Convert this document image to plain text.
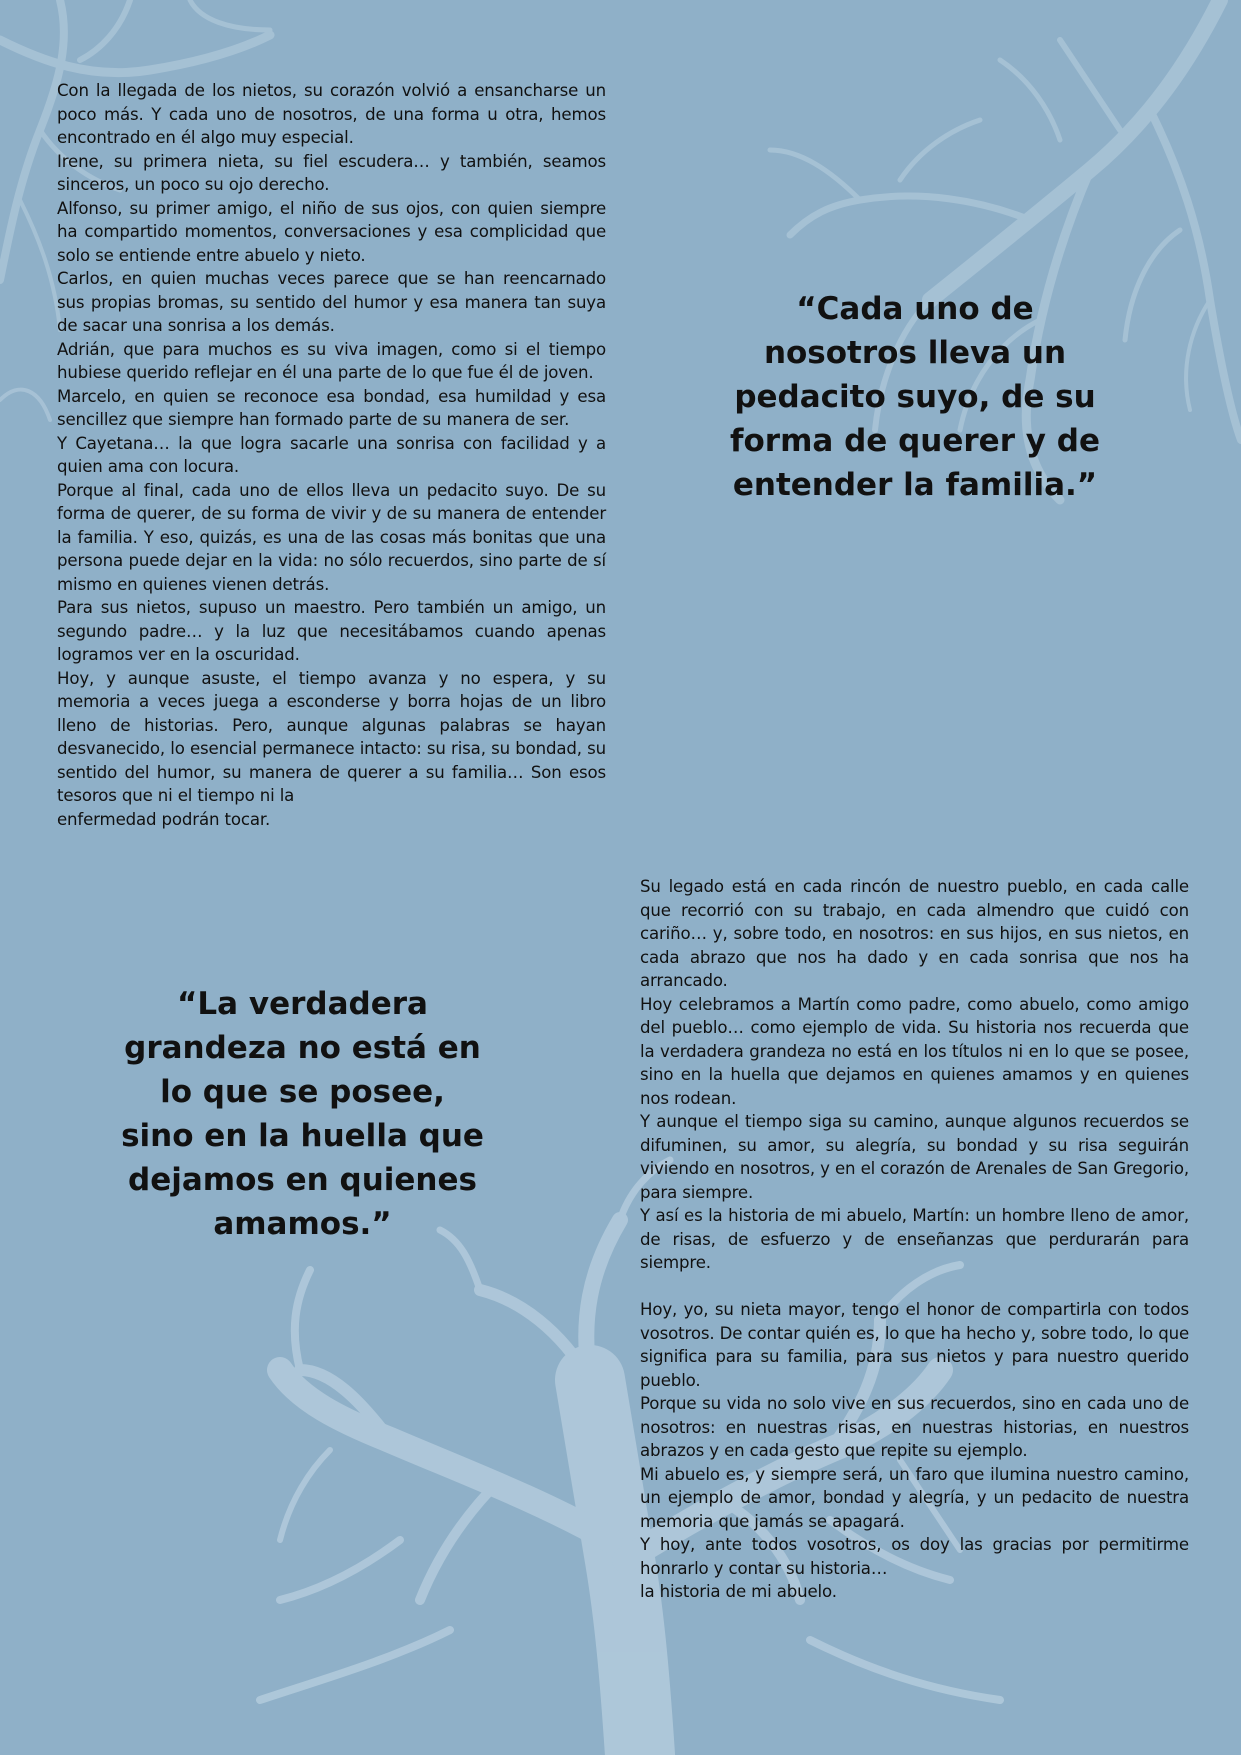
Con la llegada de los nietos, su corazón volvió a ensancharse un poco más. Y cada uno de nosotros, de una forma u otra, hemos encontrado en él algo muy especial.

Irene, su primera nieta, su fiel escudera… y también, seamos sinceros, un poco su ojo derecho.

Alfonso, su primer amigo, el niño de sus ojos, con quien siempre ha compartido momentos, conversaciones y esa complicidad que solo se entiende entre abuelo y nieto.

Carlos, en quien muchas veces parece que se han reencarnado sus propias bromas, su sentido del humor y esa manera tan suya de sacar una sonrisa a los demás.

Adrián, que para muchos es su viva imagen, como si el tiempo hubiese querido reflejar en él una parte de lo que fue él de joven.

Marcelo, en quien se reconoce esa bondad, esa humildad y esa sencillez que siempre han formado parte de su manera de ser.

Y Cayetana… la que logra sacarle una sonrisa con facilidad y a quien ama con locura.

Porque al final, cada uno de ellos lleva un pedacito suyo. De su forma de querer, de su forma de vivir y de su manera de entender la familia. Y eso, quizás, es una de las cosas más bonitas que una persona puede dejar en la vida: no sólo recuerdos, sino parte de sí mismo en quienes vienen detrás.

Para sus nietos, supuso un maestro. Pero también un amigo, un segundo padre… y la luz que necesitábamos cuando apenas logramos ver en la oscuridad.

Hoy, y aunque asuste, el tiempo avanza y no espera, y su memoria a veces juega a esconderse y borra hojas de un libro lleno de historias. Pero, aunque algunas palabras se hayan desvanecido, lo esencial permanece intacto: su risa, su bondad, su sentido del humor, su manera de querer a su familia… Son esos tesoros que ni el tiempo ni la

enfermedad podrán tocar.

“Cada uno de nosotros lleva un pedacito suyo, de su forma de querer y de entender la familia.”
“La verdadera grandeza no está en lo que se posee, sino en la huella que dejamos en quienes amamos.”

Su legado está en cada rincón de nuestro pueblo, en cada calle que recorrió con su trabajo, en cada almendro que cuidó con cariño… y, sobre todo, en nosotros: en sus hijos, en sus nietos, en cada abrazo que nos ha dado y en cada sonrisa que nos ha arrancado.

Hoy celebramos a Martín como padre, como abuelo, como amigo del pueblo… como ejemplo de vida. Su historia nos recuerda que la verdadera grandeza no está en los títulos ni en lo que se posee, sino en la huella que dejamos en quienes amamos y en quienes nos rodean.

Y aunque el tiempo siga su camino, aunque algunos recuerdos se difuminen, su amor, su alegría, su bondad y su risa seguirán viviendo en nosotros, y en el corazón de Arenales de San Gregorio, para siempre.

Y así es la historia de mi abuelo, Martín: un hombre lleno de amor, de risas, de esfuerzo y de enseñanzas que perdurarán para siempre.

Hoy, yo, su nieta mayor, tengo el honor de compartirla con todos vosotros. De contar quién es, lo que ha hecho y, sobre todo, lo que significa para su familia, para sus nietos y para nuestro querido pueblo.

Porque su vida no solo vive en sus recuerdos, sino en cada uno de nosotros: en nuestras risas, en nuestras historias, en nuestros abrazos y en cada gesto que repite su ejemplo.

Mi abuelo es, y siempre será, un faro que ilumina nuestro camino, un ejemplo de amor, bondad y alegría, y un pedacito de nuestra memoria que jamás se apagará.

Y hoy, ante todos vosotros, os doy las gracias por permitirme honrarlo y contar su historia…

la historia de mi abuelo.
